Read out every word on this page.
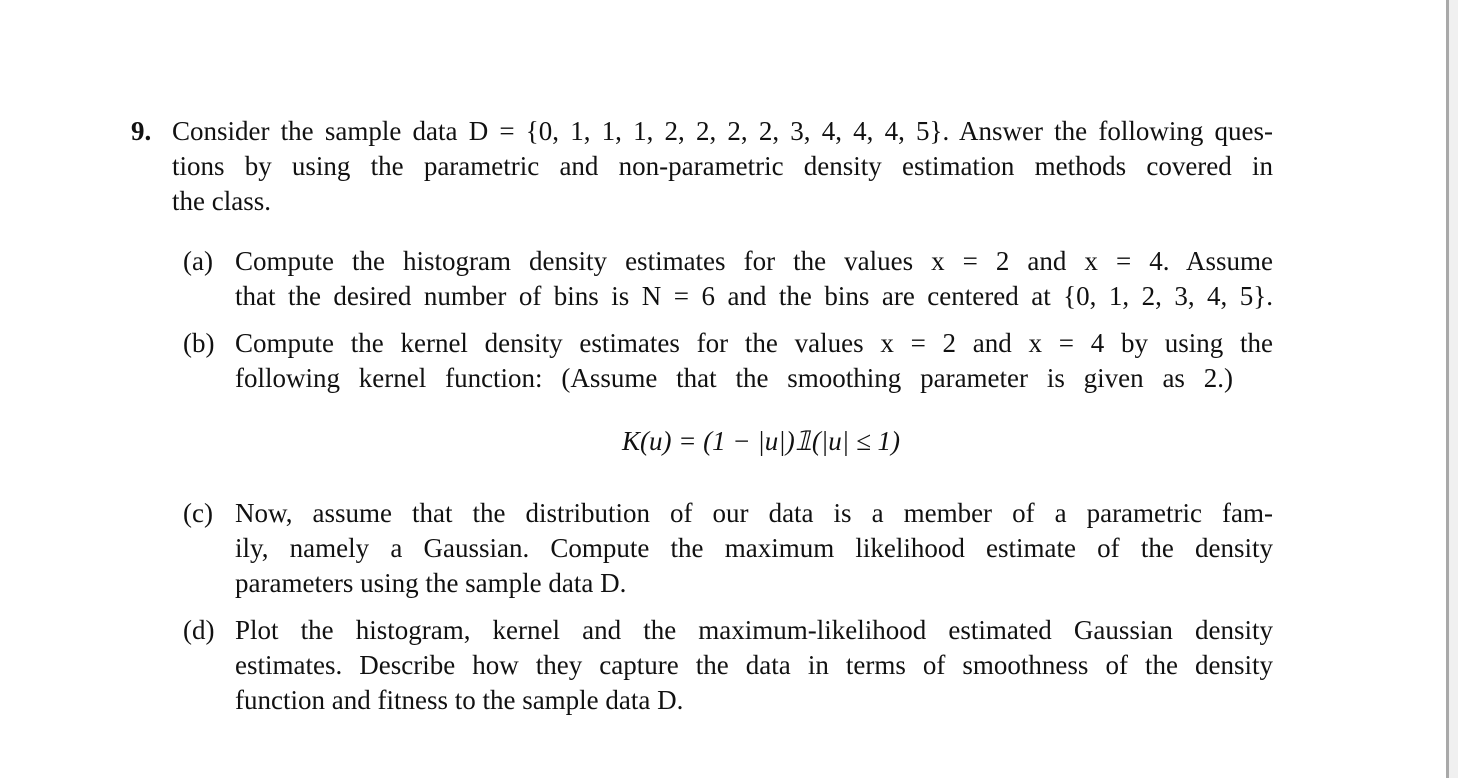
9. Consider the sample data D = {0, 1, 1, 1, 2, 2, 2, 2, 3, 4, 4, 4, 5}. Answer the following ques-
tions by using the parametric and non-parametric density estimation methods covered in
the class.
(a) Compute the histogram density estimates for the values x = 2 and x = 4. Assume
that the desired number of bins is N = 6 and the bins are centered at {0, 1, 2, 3, 4, 5}.
(b) Compute the kernel density estimates for the values x = 2 and x = 4 by using the
following kernel function: (Assume that the smoothing parameter is given as 2.)
K(u) = (1 − |u|)𝟙(|u| ≤ 1)
(c) Now, assume that the distribution of our data is a member of a parametric fam-
ily, namely a Gaussian. Compute the maximum likelihood estimate of the density
parameters using the sample data D.
(d) Plot the histogram, kernel and the maximum-likelihood estimated Gaussian density
estimates. Describe how they capture the data in terms of smoothness of the density
function and fitness to the sample data D.
